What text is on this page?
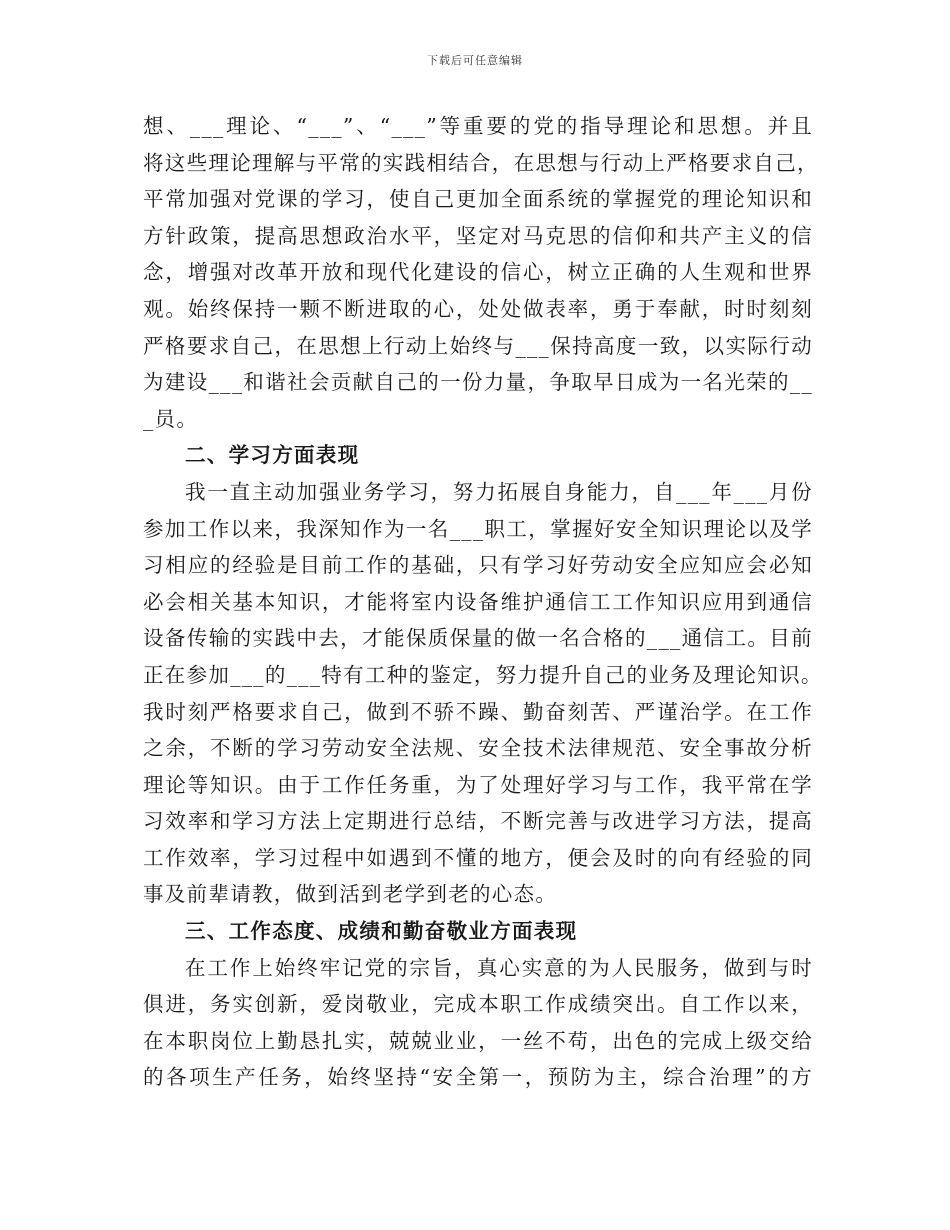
下载后可任意编辑
想、___理论、“___”、“___”等重要的党的指导理论和思想。并且
将这些理论理解与平常的实践相结合，在思想与行动上严格要求自己，
平常加强对党课的学习，使自己更加全面系统的掌握党的理论知识和
方针政策，提高思想政治水平，坚定对马克思的信仰和共产主义的信
念，增强对改革开放和现代化建设的信心，树立正确的人生观和世界
观。始终保持一颗不断进取的心，处处做表率，勇于奉献，时时刻刻
严格要求自己，在思想上行动上始终与___保持高度一致，以实际行动
为建设___和谐社会贡献自己的一份力量，争取早日成为一名光荣的__
_员。
二、学习方面表现
我一直主动加强业务学习，努力拓展自身能力，自___年___月份
参加工作以来，我深知作为一名___职工，掌握好安全知识理论以及学
习相应的经验是目前工作的基础，只有学习好劳动安全应知应会必知
必会相关基本知识，才能将室内设备维护通信工工作知识应用到通信
设备传输的实践中去，才能保质保量的做一名合格的___通信工。目前
正在参加___的___特有工种的鉴定，努力提升自己的业务及理论知识。
我时刻严格要求自己，做到不骄不躁、勤奋刻苦、严谨治学。在工作
之余，不断的学习劳动安全法规、安全技术法律规范、安全事故分析
理论等知识。由于工作任务重，为了处理好学习与工作，我平常在学
习效率和学习方法上定期进行总结，不断完善与改进学习方法，提高
工作效率，学习过程中如遇到不懂的地方，便会及时的向有经验的同
事及前辈请教，做到活到老学到老的心态。
三、工作态度、成绩和勤奋敬业方面表现
在工作上始终牢记党的宗旨，真心实意的为人民服务，做到与时
俱进，务实创新，爱岗敬业，完成本职工作成绩突出。自工作以来，
在本职岗位上勤恳扎实，兢兢业业，一丝不苟，出色的完成上级交给
的各项生产任务，始终坚持“安全第一，预防为主，综合治理”的方
